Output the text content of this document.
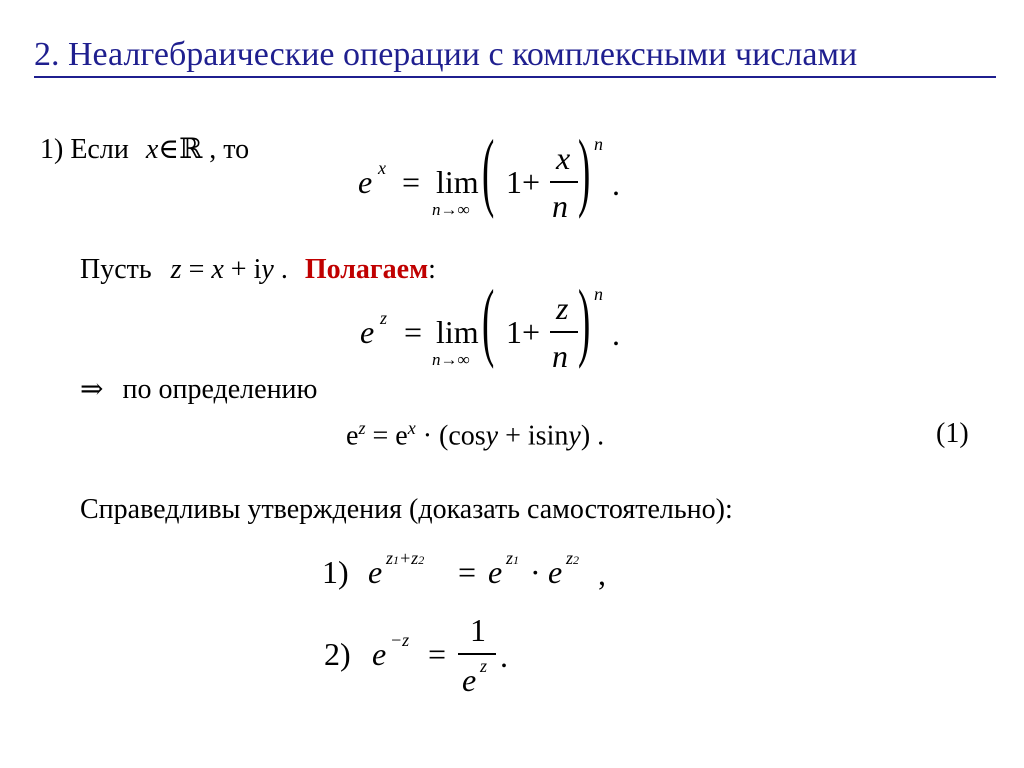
2. Неалгебраические операции с комплексными числами
1) Если x∈ℝ , то
e x = lim
n→∞ ( 1+
x
n ) n
.
Пусть z = x + iy . Полагаем:
e z = lim
n→∞ ( 1+
z
n ) n
.
⇒ по определению
$e^z = e^x \cdot (\cos y + isiny)$ .	(1)
Справедливы утверждения (доказать самостоятельно):
1) e z1+z2 = e z1 · e z2 ,
2) e −z =
1
e z .
